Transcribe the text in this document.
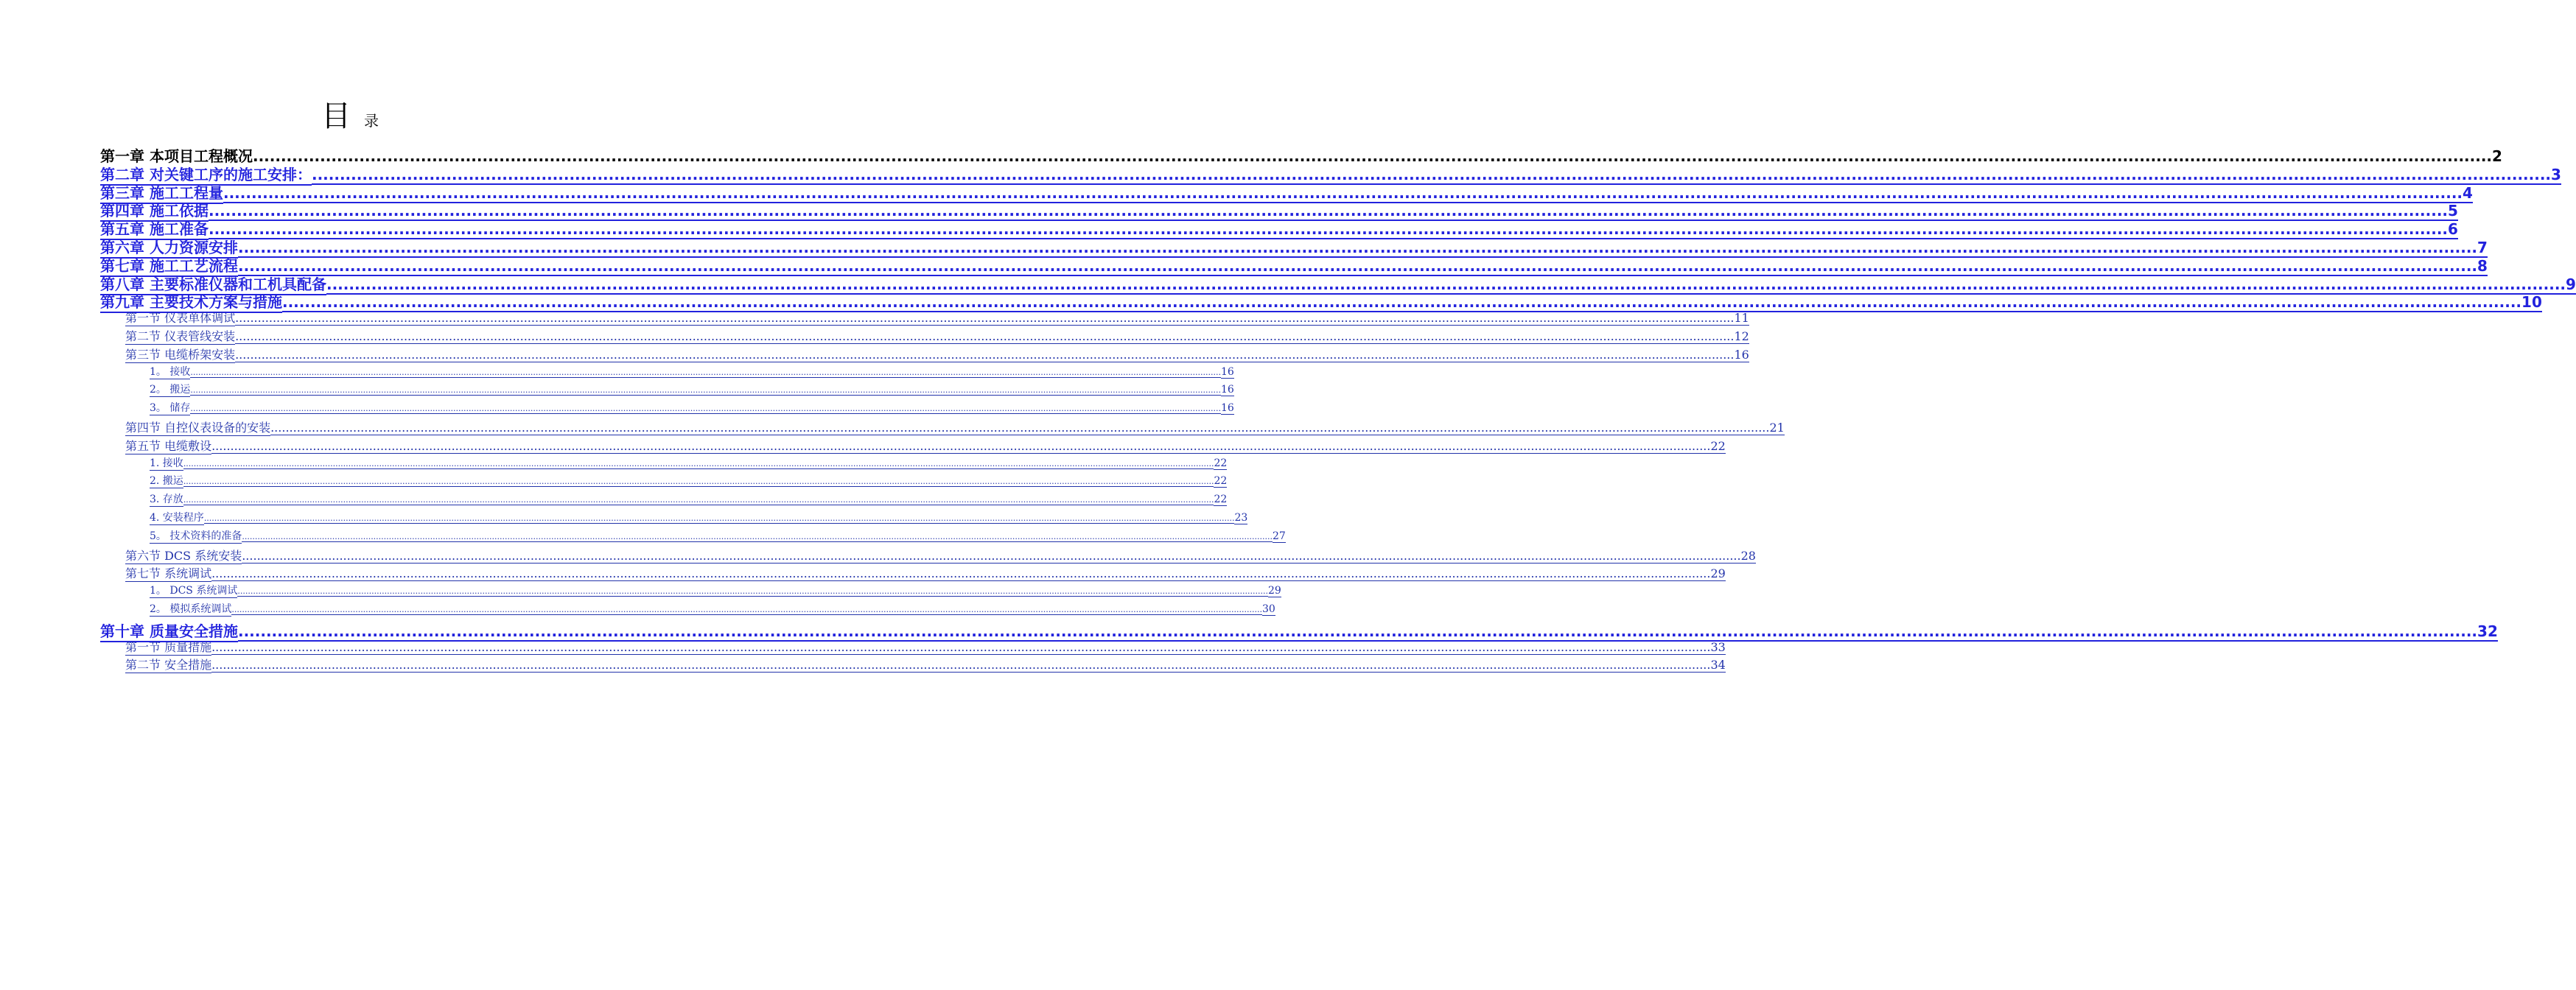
目录
第一章 本项目工程概况 ................................................................................................................................................................................................................................................................................................................................................................................................................ 2
第二章 对关键工序的施工安排： ................................................................................................................................................................................................................................................................................................................................................................................................................ 3
第三章 施工工程量 ................................................................................................................................................................................................................................................................................................................................................................................................................ 4
第四章 施工依据 ................................................................................................................................................................................................................................................................................................................................................................................................................ 5
第五章 施工准备 ................................................................................................................................................................................................................................................................................................................................................................................................................ 6
第六章 人力资源安排 ................................................................................................................................................................................................................................................................................................................................................................................................................ 7
第七章 施工工艺流程 ................................................................................................................................................................................................................................................................................................................................................................................................................ 8
第八章 主要标准仪器和工机具配备 ................................................................................................................................................................................................................................................................................................................................................................................................................ 9
第九章 主要技术方案与措施 ................................................................................................................................................................................................................................................................................................................................................................................................................ 10
第一节 仪表单体调试 ................................................................................................................................................................................................................................................................................................................................................................................................................ 11
第二节 仪表管线安装 ................................................................................................................................................................................................................................................................................................................................................................................................................ 12
第三节 电缆桥架安装 ................................................................................................................................................................................................................................................................................................................................................................................................................ 16
1。 接收 ................................................................................................................................................................................................................................................................................................................................................................................................................ 16
2。 搬运 ................................................................................................................................................................................................................................................................................................................................................................................................................ 16
3。 储存 ................................................................................................................................................................................................................................................................................................................................................................................................................ 16
第四节 自控仪表设备的安装 ................................................................................................................................................................................................................................................................................................................................................................................................................ 21
第五节 电缆敷设 ................................................................................................................................................................................................................................................................................................................................................................................................................ 22
1. 接收 ................................................................................................................................................................................................................................................................................................................................................................................................................ 22
2. 搬运 ................................................................................................................................................................................................................................................................................................................................................................................................................ 22
3. 存放 ................................................................................................................................................................................................................................................................................................................................................................................................................ 22
4. 安装程序 ................................................................................................................................................................................................................................................................................................................................................................................................................ 23
5。 技术资料的准备 ................................................................................................................................................................................................................................................................................................................................................................................................................ 27
第六节 DCS 系统安装 ................................................................................................................................................................................................................................................................................................................................................................................................................ 28
第七节 系统调试 ................................................................................................................................................................................................................................................................................................................................................................................................................ 29
1。 DCS 系统调试 ................................................................................................................................................................................................................................................................................................................................................................................................................ 29
2。 模拟系统调试 ................................................................................................................................................................................................................................................................................................................................................................................................................ 30
第十章 质量安全措施 ................................................................................................................................................................................................................................................................................................................................................................................................................ 32
第一节 质量措施 ................................................................................................................................................................................................................................................................................................................................................................................................................ 33
第二节 安全措施 ................................................................................................................................................................................................................................................................................................................................................................................................................ 34
